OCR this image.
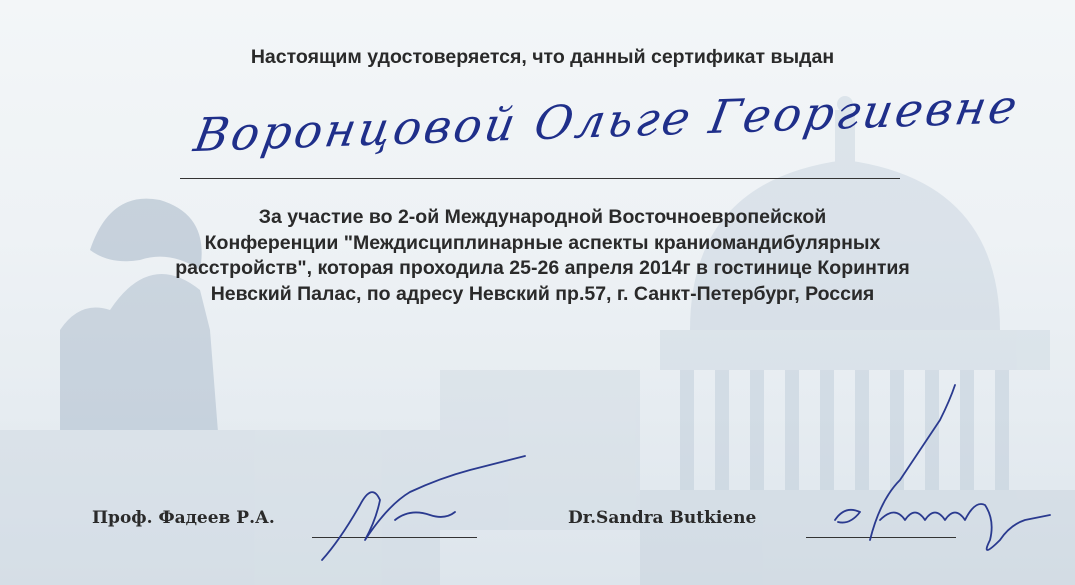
Настоящим удостоверяется, что данный сертификат выдан
Воронцовой Ольге Георгиевне
За участие во 2-ой Международной Восточноевропейской
Конференции "Междисциплинарные аспекты краниомандибулярных
расстройств", которая проходила 25-26 апреля 2014г в гостинице Коринтия
Невский Палас, по адресу Невский пр.57, г. Санкт-Петербург, Россия
Проф. Фадеев Р.А.	Dr.Sandra Butkiene
